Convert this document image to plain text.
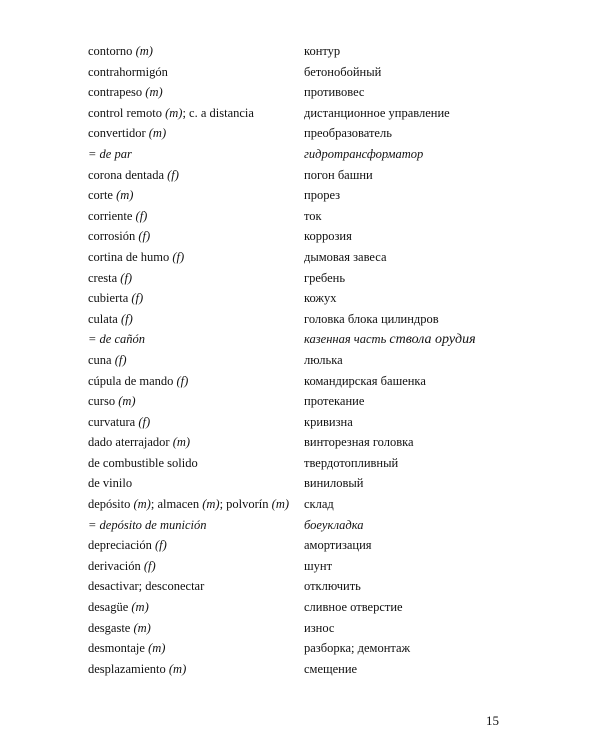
contorno (m)	контур
contrahormigón	бетонобойный
contrapeso (m)	противовес
control remoto (m); c. a distancia	дистанционное управление
convertidor (m)	преобразователь
= de par	гидротрансформатор
corona dentada (f)	погон башни
corte (m)	прорез
corriente (f)	ток
corrosión (f)	коррозия
cortina de humo (f)	дымовая завеса
cresta (f)	гребень
cubierta (f)	кожух
culata (f)	головка блока цилиндров
= de cañón	казенная часть ствола орудия
cuna (f)	люлька
cúpula de mando (f)	командирская башенка
curso (m)	протекание
curvatura (f)	кривизна
dado aterrajador (m)	винторезная головка
de combustible solido	твердотопливный
de vinilo	виниловый
depósito (m); almacen (m); polvorín (m) склад
= depósito de munición	боеукладка
depreciación (f)	амортизация
derivación (f)	шунт
desactivar; desconectar	отключить
desagüe (m)	сливное отверстие
desgaste (m)	износ
desmontaje (m)	разборка; демонтаж
desplazamiento (m)	смещение
15
